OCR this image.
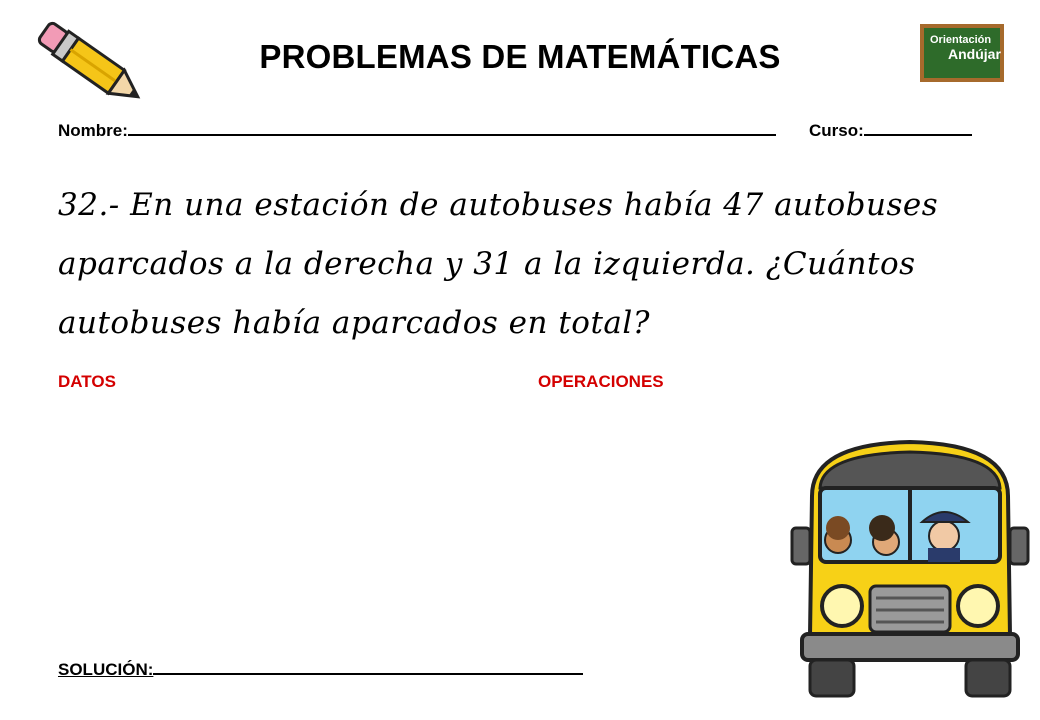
PROBLEMAS DE MATEMÁTICAS	Orientación
Andújar
Nombre:	Curso:
32.- En una estación de autobuses había 47 autobuses
aparcados a la derecha y 31 a la izquierda. ¿Cuántos
autobuses había aparcados en total?
DATOS	OPERACIONES
SOLUCIÓN:
